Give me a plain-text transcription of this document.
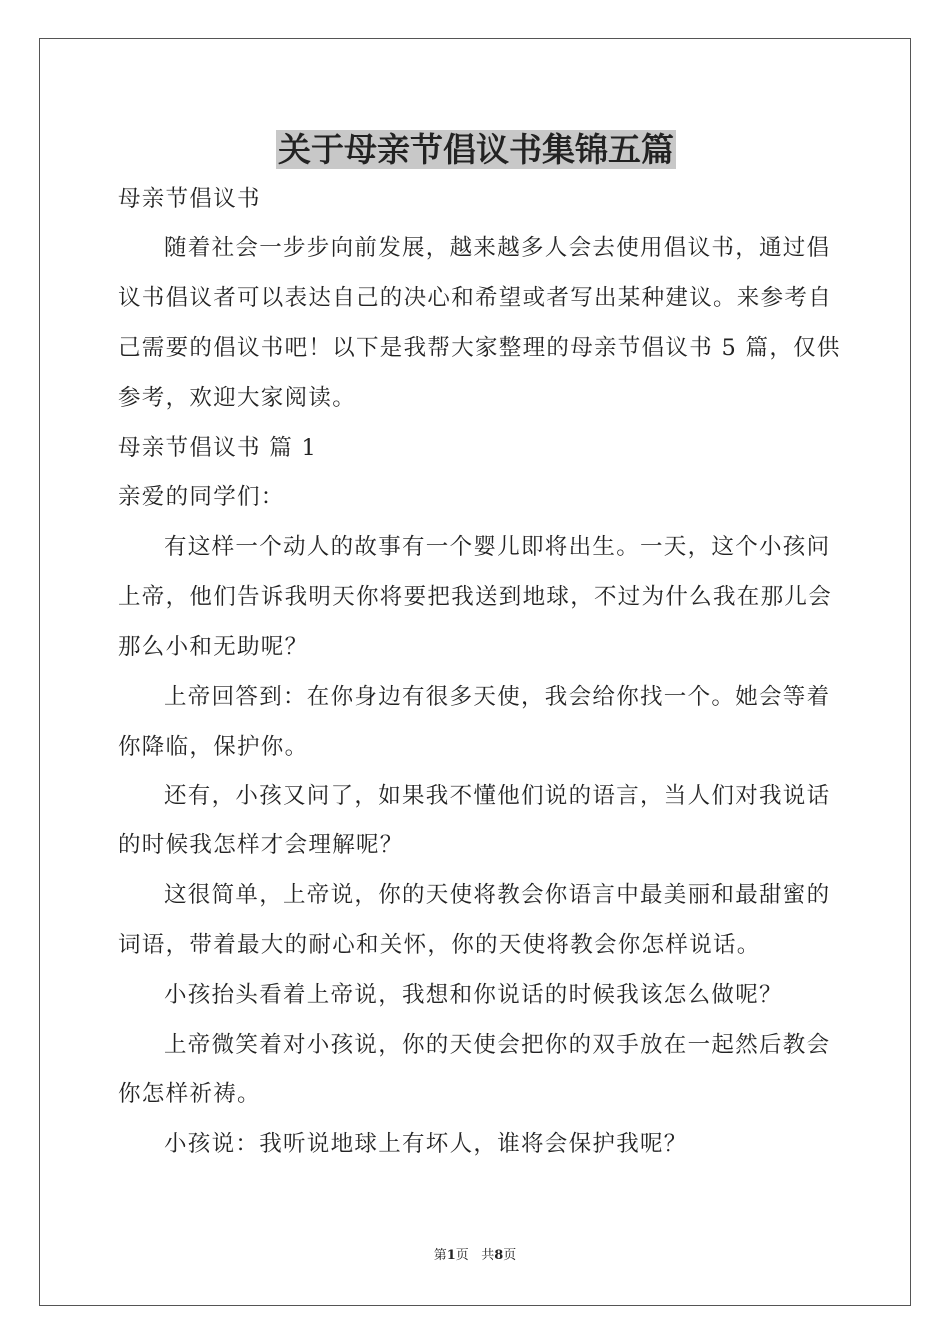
关于母亲节倡议书集锦五篇
母亲节倡议书
随着社会一步步向前发展，越来越多人会去使用倡议书，通过倡
议书倡议者可以表达自己的决心和希望或者写出某种建议。来参考自
己需要的倡议书吧！以下是我帮大家整理的母亲节倡议书 5 篇，仅供
参考，欢迎大家阅读。
母亲节倡议书 篇 1
亲爱的同学们：
有这样一个动人的故事有一个婴儿即将出生。一天，这个小孩问
上帝，他们告诉我明天你将要把我送到地球，不过为什么我在那儿会
那么小和无助呢？
上帝回答到：在你身边有很多天使，我会给你找一个。她会等着
你降临，保护你。
还有，小孩又问了，如果我不懂他们说的语言，当人们对我说话
的时候我怎样才会理解呢？
这很简单，上帝说，你的天使将教会你语言中最美丽和最甜蜜的
词语，带着最大的耐心和关怀，你的天使将教会你怎样说话。
小孩抬头看着上帝说，我想和你说话的时候我该怎么做呢？
上帝微笑着对小孩说，你的天使会把你的双手放在一起然后教会
你怎样祈祷。
小孩说：我听说地球上有坏人，谁将会保护我呢？
第1页 共8页
